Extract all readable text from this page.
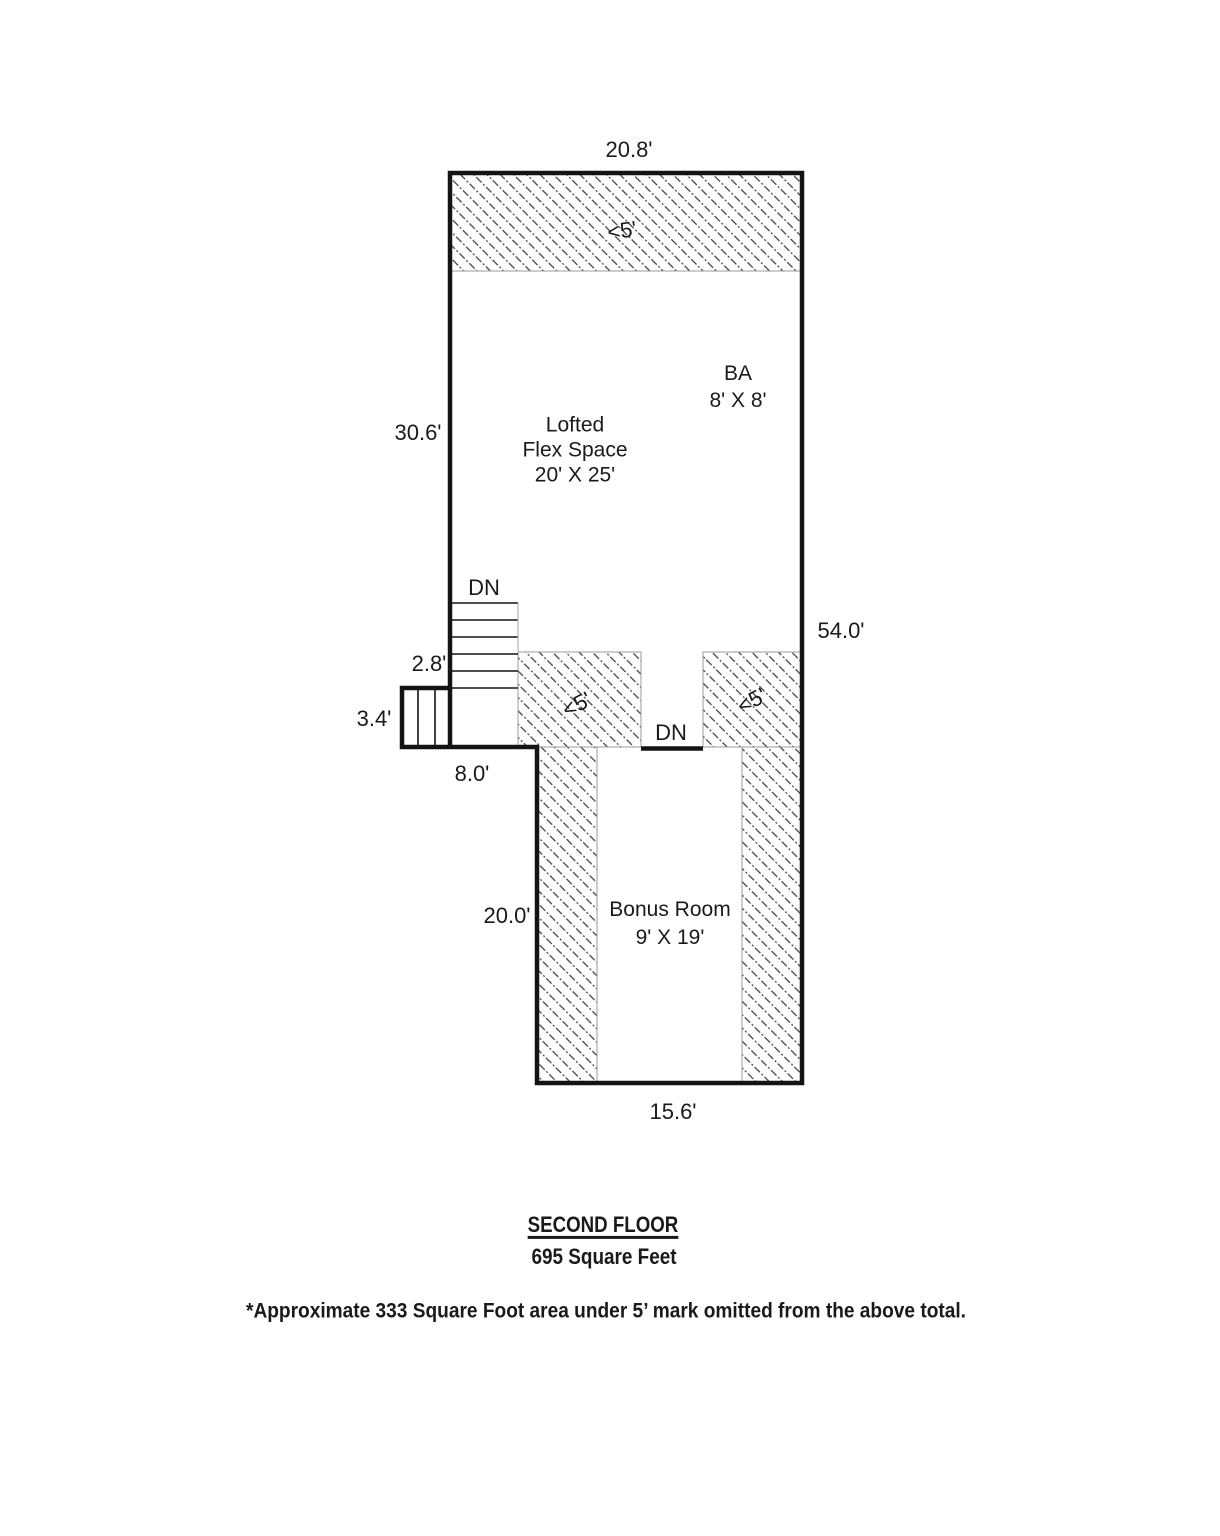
20.8'
30.6'
54.0'
2.8'
3.4'
8.0'
20.0'
15.6'
<5'
<5'	<5'
DN
DN
BA
8' X 8'
Lofted
Flex Space
20' X 25'
Bonus Room
9' X 19'
SECOND FLOOR
695 Square Feet
*Approximate 333 Square Foot area under 5’ mark omitted from the above total.
